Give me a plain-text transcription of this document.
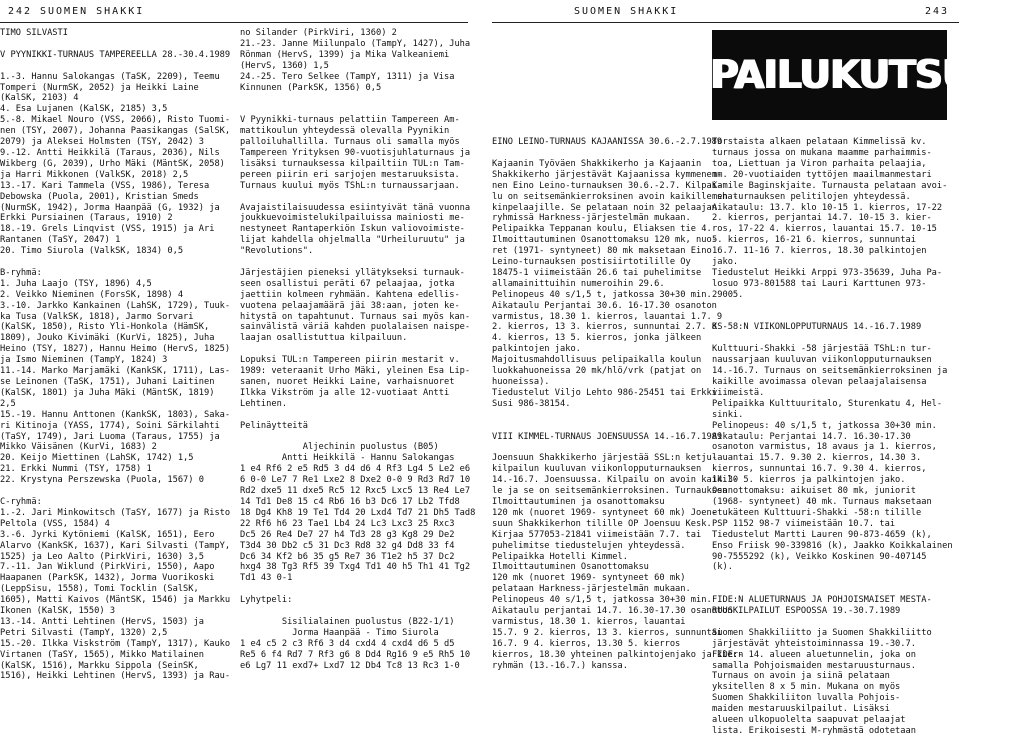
242 SUOMEN SHAKKI
TIMO SILVASTI

V PYYNIKKI-TURNAUS TAMPEREELLA 28.-30.4.1989

1.-3. Hannu Salokangas (TaSK, 2209), Teemu
Tomperi (NurmSK, 2052) ja Heikki Laine
(KalSK, 2103) 4
4. Esa Lujanen (KalSK, 2185) 3,5
5.-8. Mikael Nouro (VSS, 2066), Risto Tuomi-
nen (TSY, 2007), Johanna Paasikangas (SalSK,
2079) ja Aleksei Holmsten (TSY, 2042) 3
9.-12. Antti Heikkilä (Taraus, 2036), Nils
Wikberg (G, 2039), Urho Mäki (MäntSK, 2058)
ja Harri Mikkonen (ValkSK, 2018) 2,5
13.-17. Kari Tammela (VSS, 1986), Teresa
Debowska (Puola, 2001), Kristian Smeds
(NurmSK, 1942), Jorma Haanpää (G, 1932) ja
Erkki Pursiainen (Taraus, 1910) 2
18.-19. Grels Linqvist (VSS, 1915) ja Ari
Rantanen (TaSY, 2047) 1
20. Timo Siurola (ValkSK, 1834) 0,5

B-ryhmä:
1. Juha Laajo (TSY, 1896) 4,5
2. Veikko Nieminen (ForsSK, 1898) 4
3.-10. Jarkko Kankainen (LahSK, 1729), Tuuk-
ka Tusa (ValkSK, 1818), Jarmo Sorvari
(KalSK, 1850), Risto Yli-Honkola (HämSK,
1809), Jouko Kivimäki (KurVi, 1825), Juha
Heino (TSY, 1827), Hannu Heimo (HervS, 1825)
ja Ismo Nieminen (TampY, 1824) 3
11.-14. Marko Marjamäki (KankSK, 1711), Las-
se Leinonen (TaSK, 1751), Juhani Laitinen
(KalSK, 1801) ja Juha Mäki (MäntSK, 1819)
2,5
15.-19. Hannu Anttonen (KankSK, 1803), Saka-
ri Kitinoja (YASS, 1774), Soini Särkilahti
(TaSY, 1749), Jari Luoma (Taraus, 1755) ja
Mikko Väisänen (KurVi, 1683) 2
20. Keijo Miettinen (LahSK, 1742) 1,5
21. Erkki Nummi (TSY, 1758) 1
22. Krystyna Perszewska (Puola, 1567) 0

C-ryhmä:
1.-2. Jari Minkowitsch (TaSY, 1677) ja Risto
Peltola (VSS, 1584) 4
3.-6. Jyrki Kytöniemi (KalSK, 1651), Eero
Alarvo (KankSK, 1637), Kari Silvasti (TampY,
1525) ja Leo Aalto (PirkViri, 1630) 3,5
7.-11. Jan Wiklund (PirkViri, 1550), Aapo
Haapanen (ParkSK, 1432), Jorma Vuorikoski
(LeppSisu, 1558), Tomi Tocklin (SalSK,
1605), Matti Kaivos (MäntSK, 1546) ja Markku
Ikonen (KalSK, 1550) 3
13.-14. Antti Lehtinen (HervS, 1503) ja
Petri Silvasti (TampY, 1320) 2,5
15.-20. Ilkka Viskström (TampY, 1317), Kauko
Virtanen (TaSY, 1565), Mikko Matilainen
(KalSK, 1516), Markku Sippola (SeinSK,
1516), Heikki Lehtinen (HervS, 1393) ja Rau-
no Silander (PirkViri, 1360) 2
21.-23. Janne Miilunpalo (TampY, 1427), Juha
Rönman (HervS, 1399) ja Mika Valkeaniemi
(HervS, 1360) 1,5
24.-25. Tero Selkee (TampY, 1311) ja Visa
Kinnunen (ParkSK, 1356) 0,5

V Pyynikki-turnaus pelattiin Tampereen Am-
mattikoulun yhteydessä olevalla Pyynikin
palloiluhallilla. Turnaus oli samalla myös
Tampereen Yrityksen 90-vuotisjuhlaturnaus ja
lisäksi turnauksessa kilpailtiin TUL:n Tam-
pereen piirin eri sarjojen mestaruuksista.
Turnaus kuului myös TShL:n turnaussarjaan.

Avajaistilaisuudessa esiintyivät tänä vuonna
joukkuevoimistelukilpailuissa mainiosti me-
nestyneet Rantaperkiön Iskun valiovoimiste-
lijat kahdella ohjelmalla "Urheiluruutu" ja
"Revolutions".

Järjestäjien pieneksi yllätykseksi turnauk-
seen osallistui peräti 67 pelaajaa, jotka
jaettiin kolmeen ryhmään. Kahtena edellis-
vuotena pelaajamäärä jäi 38:aan, joten ke-
hitystä on tapahtunut. Turnaus sai myös kan-
sainvälistä väriä kahden puolalaisen naispe-
laajan osallistuttua kilpailuun.

Lopuksi TUL:n Tampereen piirin mestarit v.
1989: veteraanit Urho Mäki, yleinen Esa Lip-
sanen, nuoret Heikki Laine, varhaisnuoret
Ilkka Vikström ja alle 12-vuotiaat Antti
Lehtinen.

Pelinäytteitä

Aljechinin puolustus (B05)
Antti Heikkilä - Hannu Salokangas
1 e4 Rf6 2 e5 Rd5 3 d4 d6 4 Rf3 Lg4 5 Le2 e6
6 0-0 Le7 7 Re1 Lxe2 8 Dxe2 0-0 9 Rd3 Rd7 10
Rd2 dxe5 11 dxe5 Rc5 12 Rxc5 Lxc5 13 Re4 Le7
14 Td1 De8 15 c4 Rb6 16 b3 Dc6 17 Lb2 Tfd8
18 Dg4 Kh8 19 Te1 Td4 20 Lxd4 Td7 21 Dh5 Tad8
22 Rf6 h6 23 Tae1 Lb4 24 Lc3 Lxc3 25 Rxc3
Dc5 26 Re4 De7 27 h4 Td3 28 g3 Kg8 29 De2
T3d4 30 Db2 c5 31 Dc3 Rd8 32 g4 Dd8 33 f4
Dc6 34 Kf2 b6 35 g5 Re7 36 T1e2 h5 37 Dc2
hxg4 38 Tg3 Rf5 39 Txg4 Td1 40 h5 Th1 41 Tg2
Td1 43 0-1

Lyhytpeli:

Sisilialainen puolustus (B22-1/1)
Jorma Haanpää - Timo Siurola
1 e4 c5 2 c3 Rf6 3 d4 cxd4 4 cxd4 d6 5 d5
Re5 6 f4 Rd7 7 Rf3 g6 8 Dd4 Rg16 9 e5 Rh5 10
e6 Lg7 11 exd7+ Lxd7 12 Db4 Tc8 13 Rc3 1-0
SUOMEN SHAKKI	243
KILPAILUKUTSUJA

EINO LEINO-TURNAUS KAJAANISSA 30.6.-2.7.1989

Kajaanin Työväen Shakkikerho ja Kajaanin
Shakkikerho järjestävät Kajaanissa kymmenen-
nen Eino Leino-turnauksen 30.6.-2.7. Kilpai-
lu on seitsemänkierroksinen avoin kaikille sha-
kinpelaajille. Se pelataan noin 32 pelaajan
ryhmissä Harkness-järjestelmän mukaan.
Pelipaikka Teppanan koulu, Eliaksen tie 4.
Ilmoittautuminen Osanottomaksu 120 mk, nuo-
ret (1971- syntyneet) 80 mk maksetaan Eino
Leino-turnauksen postisiirtotilille Oy
18475-1 viimeistään 26.6 tai puhelimitse
allamainittuihin numeroihin 29.6.
Pelinopeus 40 s/1,5 t, jatkossa 30+30 min.
Aikataulu Perjantai 30.6. 16-17.30 osanoton
varmistus, 18.30 1. kierros, lauantai 1.7. 9
2. kierros, 13 3. kierros, sunnuntai 2.7. 8
4. kierros, 13 5. kierros, jonka jälkeen
palkintojen jako.
Majoitusmahdollisuus pelipaikalla koulun
luokkahuoneissa 20 mk/hlö/vrk (patjat on
huoneissa).
Tiedustelut Viljo Lehto 986-25451 tai Erkki
Susi 986-38154.

VIII KIMMEL-TURNAUS JOENSUUSSA 14.-16.7.1989

Joensuun Shakkikerho järjestää SSL:n ketju-
kilpailun kuuluvan viikonlopputurnauksen
14.-16.7. Joensuussa. Kilpailu on avoin kaikil-
le ja se on seitsemänkierroksinen. Turnauksen
Ilmoittautuminen ja osanottomaksu
120 mk (nuoret 1969- syntyneet 60 mk) Joen-
suun Shakkikerhon tilille OP Joensuu Kesk.
Kirjaa 577053-21841 viimeistään 7.7. tai
puhelimitse tiedustelujen yhteydessä.
Pelipaikka Hotelli Kimmel.
Ilmoittautuminen Osanottomaksu
120 mk (nuoret 1969- syntyneet 60 mk)
pelataan Harkness-järjestelmän mukaan.
Pelinopeus 40 s/1,5 t, jatkossa 30+30 min.
Aikataulu perjantai 14.7. 16.30-17.30 osanoton
varmistus, 18.30 1. kierros, lauantai
15.7. 9 2. kierros, 13 3. kierros, sunnuntai
16.7. 9 4. kierros, 13.30 5. kierros
kierros, 18.30 yhteinen palkintojenjako ja kier-
ryhmän (13.-16.7.) kanssa.

Torstaista alkaen pelataan Kimmelissä kv.
turnaus jossa on mukana maamme parhaimmis-
toa, Liettuan ja Viron parhaita pelaajia,
mm. 20-vuotiaiden tyttöjen maailmanmestari
Kamile Baginskjaite. Turnausta pelataan avoi-
men turnauksen pelitilojen yhteydessä.
Aikataulu: 13.7. klo 10-15 1. kierros, 17-22
2. kierros, perjantai 14.7. 10-15 3. kier-
ros, 17-22 4. kierros, lauantai 15.7. 10-15
5. kierros, 16-21 6. kierros, sunnuntai
16.7. 11-16 7. kierros, 18.30 palkintojen
jako.
Tiedustelut Heikki Arppi 973-35639, Juha Pa-
losuo 973-801588 tai Lauri Karttunen 973-
29005.

KS-58:N VIIKONLOPPUTURNAUS 14.-16.7.1989

Kulttuuri-Shakki -58 järjestää TShL:n tur-
naussarjaan kuuluvan viikonlopputurnauksen
14.-16.7. Turnaus on seitsemänkierroksinen ja
kaikille avoimassa olevan pelaajalaisensa
viimeistä.
Pelipaikka Kulttuuritalo, Sturenkatu 4, Hel-
sinki.
Pelinopeus: 40 s/1,5 t, jatkossa 30+30 min.
Aikataulu: Perjantai 14.7. 16.30-17.30
osanoton varmistus, 18 avaus ja 1. kierros,
lauantai 15.7. 9.30 2. kierros, 14.30 3.
kierros, sunnuntai 16.7. 9.30 4. kierros,
14.30 5. kierros ja palkintojen jako.
Osanottomaksu: aikuiset 80 mk, juniorit
(1968- syntyneet) 40 mk. Turnaus maksetaan
etukäteen Kulttuuri-Shakki -58:n tilille
PSP 1152 98-7 viimeistään 10.7. tai
Tiedustelut Martti Lauren 90-873-4659 (k),
Enso Friisk 90-339816 (k), Jaakko Koikkalainen
90-7555292 (k), Veikko Koskinen 90-407145
(k).

FIDE:N ALUETURNAUS JA POHJOISMAISET MESTA-
RUUSKILPAILUT ESPOOSSA 19.-30.7.1989

Suomen Shakkiliitto ja Suomen Shakkiliitto
järjestävät yhteistoiminnassa 19.-30.7.
FIDE:n 14. alueen aluetunnelin, joka on
samalla Pohjoismaiden mestaruusturnaus.
Turnaus on avoin ja siinä pelataan
yksitellen 8 x 5 min. Mukana on myös
Suomen Shakkiliiton luvalla Pohjois-
maiden mestaruuskilpailut. Lisäksi
alueen ulkopuolelta saapuvat pelaajat
lista. Erikoisesti M-ryhmästä odotetaan
